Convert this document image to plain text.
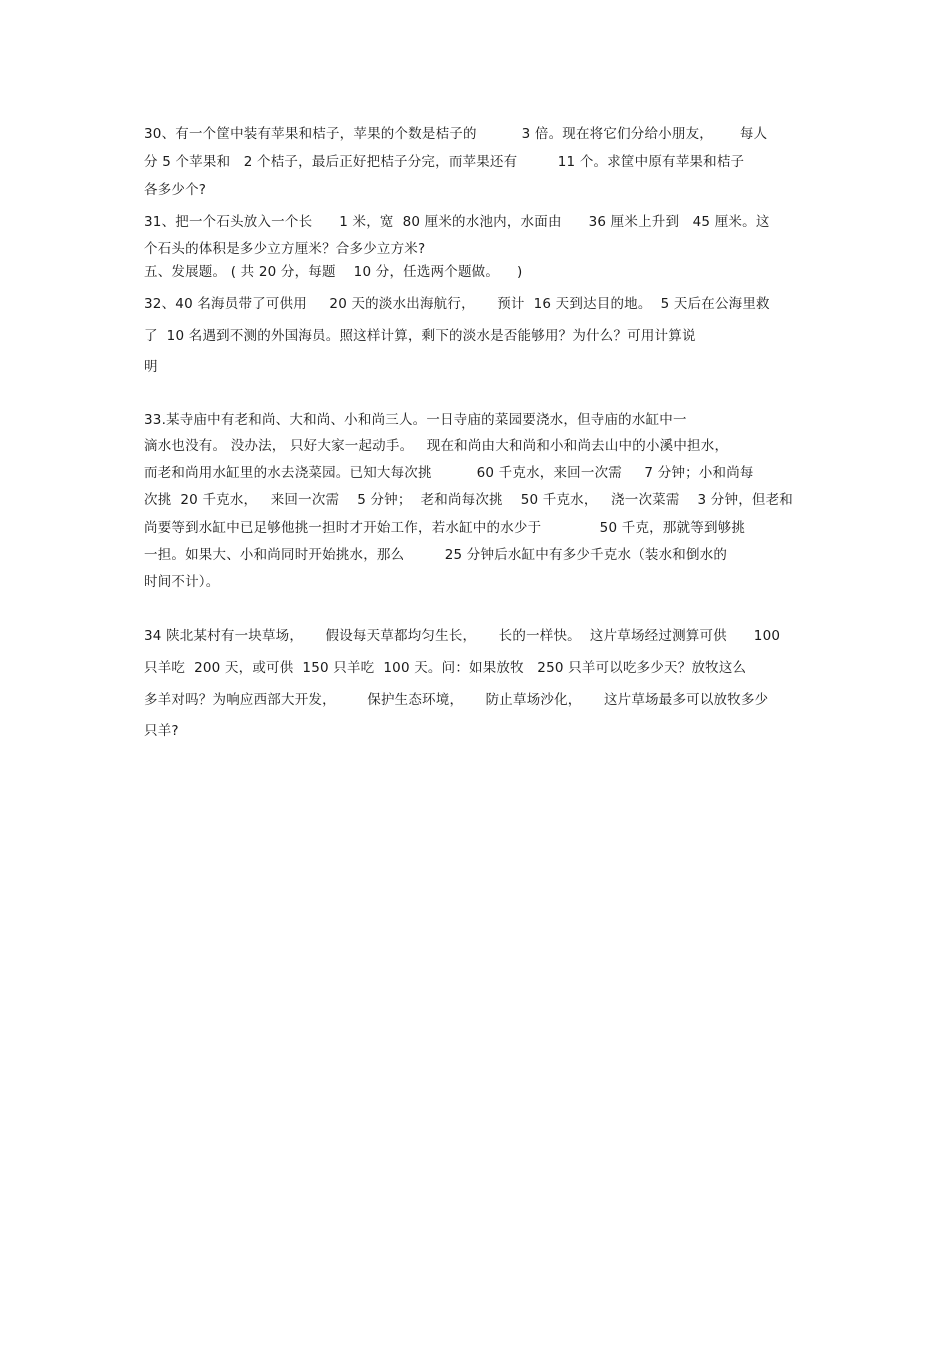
30、有一个筐中装有苹果和桔子，苹果的个数是桔子的          3 倍。现在将它们分给小朋友，      每人
分 5 个苹果和   2 个桔子，最后正好把桔子分完，而苹果还有         11 个。求筐中原有苹果和桔子
各多少个?
31、把一个石头放入一个长      1 米，宽  80 厘米的水池内，水面由      36 厘米上升到   45 厘米。这
个石头的体积是多少立方厘米？合多少立方米?
五、发展题。 ( 共 20 分，每题    10 分，任选两个题做。    )
32、40 名海员带了可供用     20 天的淡水出海航行，     预计  16 天到达目的地。  5 天后在公海里救
了  10 名遇到不测的外国海员。照这样计算，剩下的淡水是否能够用？为什么？可用计算说
明
33.某寺庙中有老和尚、大和尚、小和尚三人。一日寺庙的菜园要浇水，但寺庙的水缸中一
滴水也没有。 没办法， 只好大家一起动手。   现在和尚由大和尚和小和尚去山中的小溪中担水，
而老和尚用水缸里的水去浇菜园。已知大每次挑          60 千克水，来回一次需     7 分钟；小和尚每
次挑  20 千克水，   来回一次需    5 分钟；  老和尚每次挑    50 千克水，   浇一次菜需    3 分钟，但老和
尚要等到水缸中已足够他挑一担时才开始工作，若水缸中的水少于             50 千克，那就等到够挑
一担。如果大、小和尚同时开始挑水，那么         25 分钟后水缸中有多少千克水（装水和倒水的
时间不计）。
34 陕北某村有一块草场，     假设每天草都均匀生长，     长的一样快。  这片草场经过测算可供      100
只羊吃  200 天，或可供  150 只羊吃  100 天。问：如果放牧   250 只羊可以吃多少天？放牧这么
多羊对吗？为响应西部大开发，       保护生态环境，     防止草场沙化，     这片草场最多可以放牧多少
只羊?
